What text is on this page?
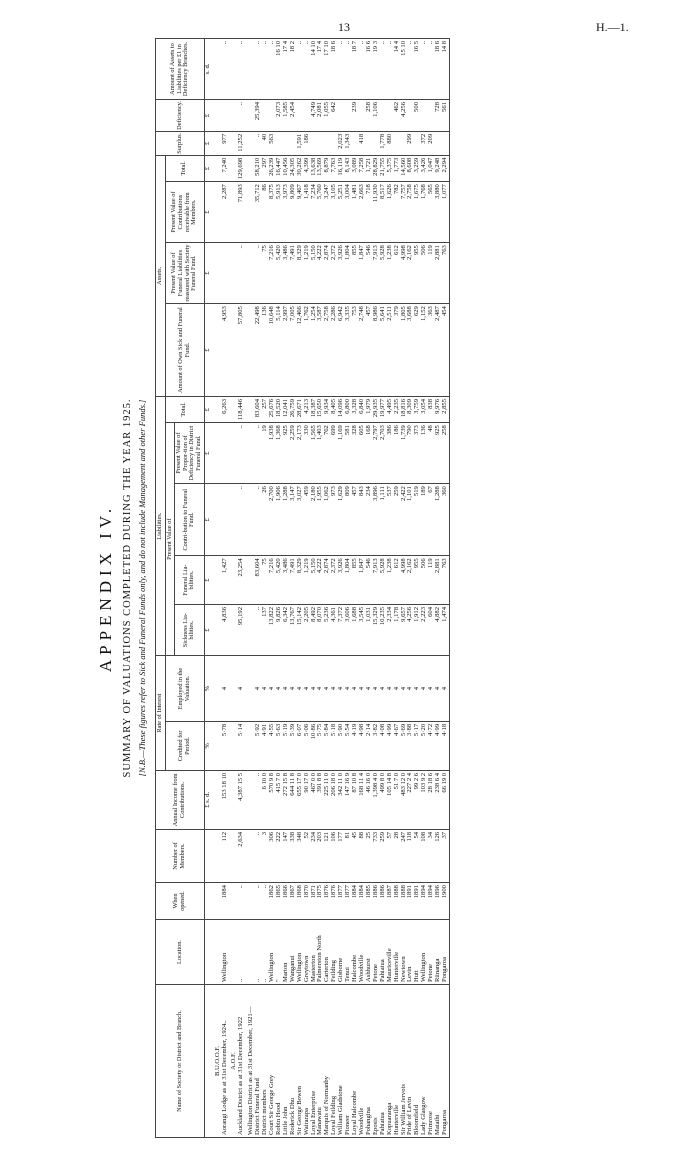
13	H.—1.
APPENDIX IV. SUMMARY OF VALUATIONS COMPLETED DURING THE YEAR 1925. [N.B.—These figures refer to Sick and Funeral Funds only, and do not include Management and other Funds.]
Name of Society or District and Branch.	Location.	When opened.	Number of Members.	Annual Income from Contributions.	Rate of Interest		Liabilities.					Assets.				Surplus.	Deficiency.	Amount of Assets to Liabilities per £1 in Deficiency Branches.
					Credited for Period.	Employed in the Valuation.	Present Value of				Total.	Amount of Own Sick and Funeral Fund.	Present Value of Funeral Liabilities reassured with Society Funeral Fund.	Present Value of Contributions receivable from Members.	Total.			
							Sickness Lia-bilities.	Funeral Lia-bilities.	Contri-bution to Funeral Fund.	Present Value of Propor-tion of Deficiency in District Funeral Fund.								
				£ s. d.	%	%	£	£	£	£	£	£	£	£	£	£	£	s. d.
B.U.O.O.F.																		
Aorangi Lodge as at 31st December, 1924..	Wellington	1884	112	153 18 10	5·78	4	4,836	1,427			6,263	4,953		2,287	7,240	977		..
A.O.F.																		
Auckland District as at 31st December, 1922	..	..	2,634	4,387 15 5	5·14	4	95,192	23,254	..	..	118,446	57,805	..	71,893	129,698	11,252	..	..
Wellington District as at 31st December, 1921—																		
District Funeral Fund	..	..	..	..	5·92	4	..	83,604	..	..	83,604	22,498	..	35,712	58,210	..	25,394	..
District members	..	..	3	6 10 0	4·91	4	137	75	26	19	257	136	75	86	297	40		..
Court Sir George Grey	Wellington	1862	306	570 9 8	4·55	4	13,822	7,216	2,700	1,938	25,676	10,648	7,216	8,375	26,239	563		..
Robin Hood	"	1865	222	415 7 0	5·63	4	9,826	5,420	1,906	1,368	18,520	5,114	5,420	5,913	16,447		2,073	16 10
Little John	Marton	1866	147	272 15 8	5·19	4	6,342	3,486	1,288	925	12,041	2,997	3,486	3,973	10,456		1,585	17 4
Roderick Dhu	Wanganui	1867	338	644 11 8	5·39	4	13,767	7,491	3,147	2,259	26,759	7,005	7,491	9,809	24,305		2,454	18 2
Sir George Bowen	Wellington	1868	348	655 17 0	6·07	4	15,142	8,329	3,027	2,173	28,671	12,466	8,329	9,467	30,262	1,591		..
Wairarapa	Greytown	1870	52	90 17 0	5·06	4	2,205	1,219	459	330	4,213	1,762	1,219	1,418	4,399	186		..
Loyal Enterprise	Masterton	1871	234	467 0 0	10·86	4	8,492	5,150	2,180	1,565	18,387	1,254	5,150	7,234	13,638		4,749	14 10
Manawatu	Palmerston North	1875	203	391 8 8	5·75	4	8,070	4,222	1,955	1,403	15,650	3,587	4,222	5,760	13,569		2,081	17 4
Marquis of Normanby	Carterton	1876	121	225 11 0	5·84	4	5,236	2,874	1,062	762	9,934	2,758	2,874	3,247	8,879		1,055	17 10
Loyal Feilding	Feilding	1876	106	206 18 0	5·18	4	4,361	2,372	973	699	8,405	2,286	2,372	3,105	7,763		642	18 6
William Gladstone	Gisborne	1877	177	342 11 0	5·90	4	7,372	3,926	1,629	1,169	14,096	6,942	3,926	5,251	16,119	2,023		..
Pioneer	Tenui	1877	81	147 16 9	5·54	4	3,606	1,804	809	581	6,800	3,335	1,804	3,004	8,143	1,343		..
Loyal Halcombe	Halcombe	1884	45	87 10 8	4·19	4	1,688	855	457	328	3,328	753	855	1,481	3,089		239	18 7
Woodville	Woodville	1884	88	168 11 4	4·98	4	3,545	1,847	843	605	6,840	2,748	1,847	2,663	7,258	418		..
Pohangina	Ashhurst	1885	25	46 16 0	2·14	4	1,031	546	234	168	1,979	457	546	718	1,721		258	16 6
Eposis	Petone	1886	733	1,398 4 0	3·82	4	15,329	7,913	3,896	2,797	29,935	8,986	7,913	11,930	28,829		1,106	19 3
Pahiatua	Pahiatua	1886	259	499 8 0	4·08	4	10,235	5,928	1,111	2,703	19,977	5,641	5,928	8,517	21,755	1,778		..
Kopuaranga	Mauriceville	1887	57	105 14 8	4·99	4	2,334	1,238	537	386	4,495	2,511	1,238	1,626	5,375	880		..
Hunterville	Hunterville	1888	28	51 7 0	4·67	4	1,178	612	259	186	2,235	379	612	782	1,773		462	14 4
Sir William Jervois	Newtown	1888	247	483 12 0	5·69	4	9,657	4,998	2,422	1,739	18,816	1,805	4,998	7,757	14,560		4,256	15 10
Pride of Levin	Levin	1891	118	227 2 4	3·88	4	4,256	2,162	1,101	790	8,309	3,688	2,162	2,758	8,608	299		..
Bloomfield	Hutt	1891	54	99 2 6	5·17	4	1,912	955	519	373	3,759	629	955	1,675	3,259		500	16 5
Lady Glasgow	Wellington	1894	108	103 9 2	5·20	4	2,223	506	189	136	3,054	1,152	506	1,768	3,426	372		..
Primrose	Petone	1894	34	28 18 6	4·72	4	604	119	67	48	838	363	119	565	1,047	209		..
Mataihi	Rūnanga	1896	126	238 6 4	4·99	4	4,882	2,881	1,288	925	9,976	2,487	2,881	3,880	9,248		728	18 6
Pongaroa	Pongaroa	1900	37	66 19 0	4·18	4	1,474	763	360	258	2,855	454	763	1,077	2,294		561	14 8
